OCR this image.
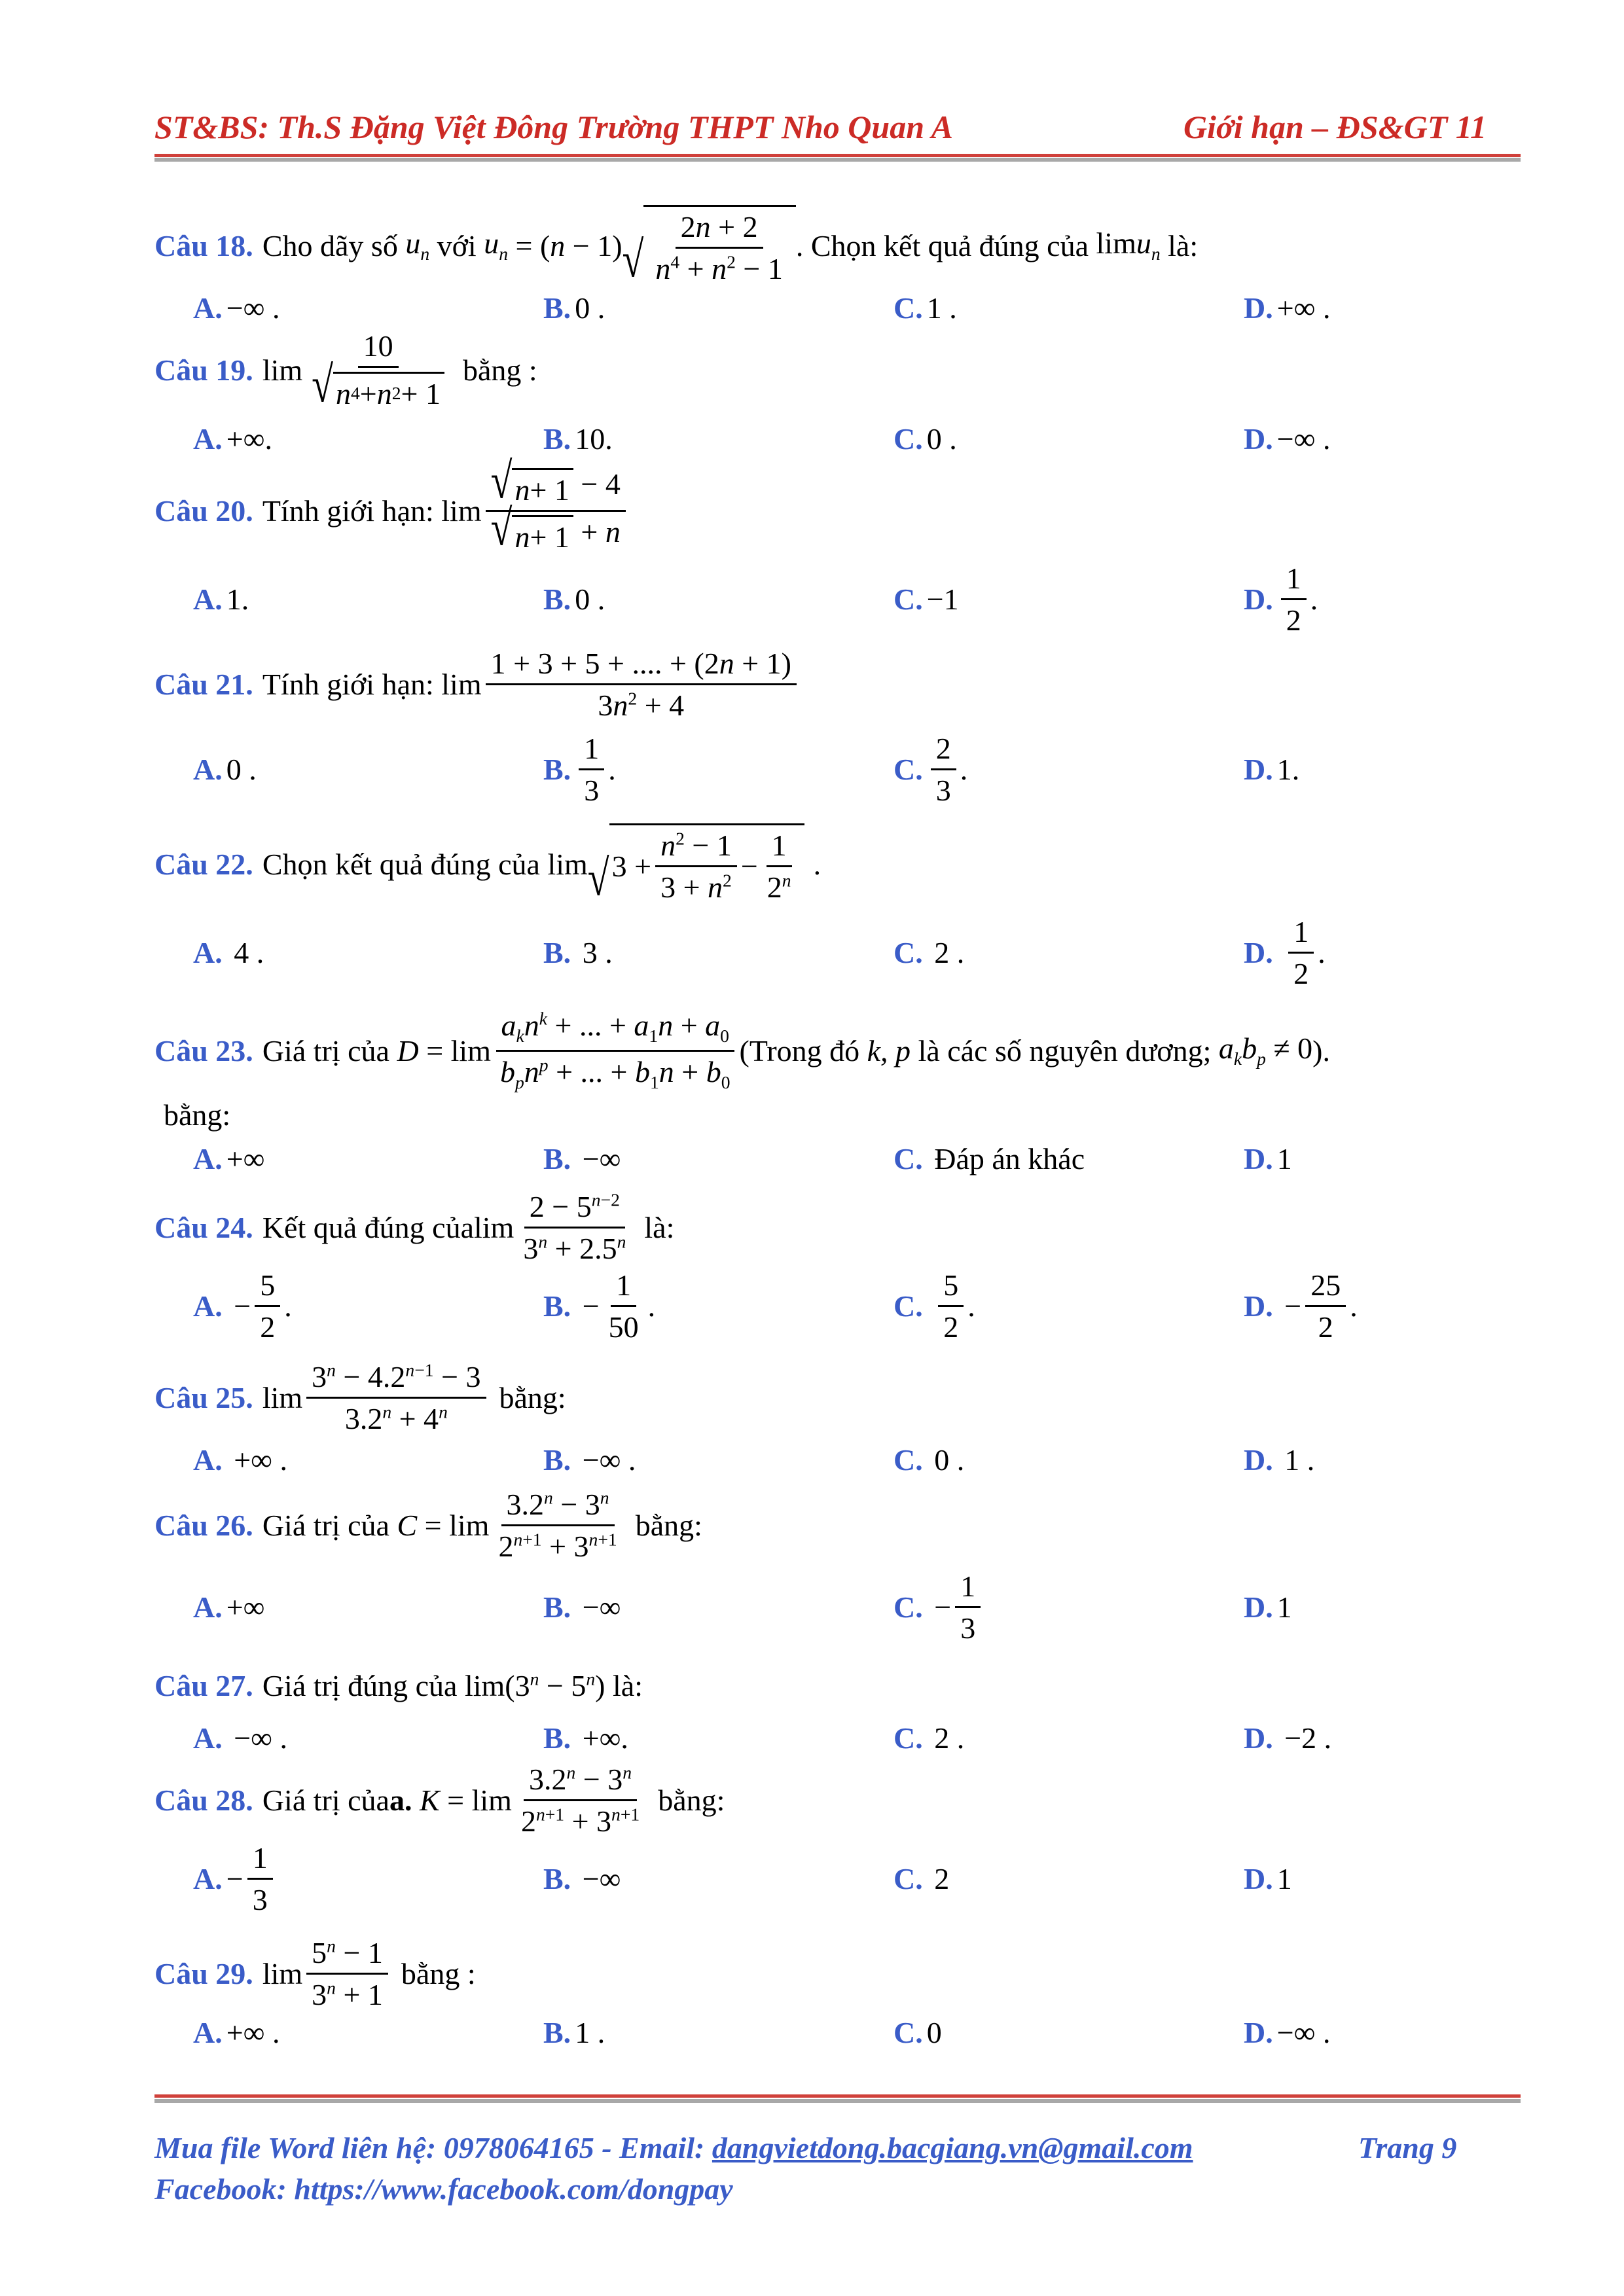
ST&BS: Th.S Đặng Việt Đông Trường THPT Nho Quan A	Giới hạn – ĐS&GT 11
Câu 18. Cho dãy số $u_n$ với $u_n$ = ( n − 1) √ $\frac{2n + 2}{n^4 + n^2 - 1}$ . Chọn kết quả đúng của limu$_n$ là:
A. −∞ .	B. 0 .	C. 1 .	D. +∞ .
Câu 19. $\lim \frac{10}{√ n 4 + n 2 + 1}$ bằng :
A. +∞.	B. 10.	C. 0 .	D. −∞ .
Câu 20. Tính giới hạn: $\lim \frac{√ n + 1 - 4}{√ n + 1 + n}$
A. 1.	B. 0 .	C. −1	D. $\frac{1}{2}$ .
Câu 21. Tính giới hạn: $\lim \frac{1 + 3 + 5 + .... + (2n + 1)}{3n^2 + 4}$
A. 0 .	B. $\frac{1}{3}$ .	C. $\frac{2}{3}$ .	D. 1.
Câu 22. Chọn kết quả đúng của lim √ $3 + \frac{n^2 - 1}{3 + n^2} - \frac{1}{2^n}$ .
A.
4 .	B.
3 .	C.
2 .	D.
$\frac{1}{2}$ .
Câu 23. Giá trị của $D = \lim \frac{a_kn^k + ... + a_1n + a_0}{b_pn^p + ... + b_1n + b_0}$ (Trong đó k, p là các số nguyên dương; $a_kb_p \ne 0$ ).
bằng:
A. +∞	B.
−∞	C.
Đáp án khác	D. 1
Câu 24. Kết quả đúng của $\lim \frac{2 - 5^{n-2}}{3^n + 2.5^n}$ là:
A. − $\frac{5}{2}$ .	B. − $\frac{1}{50}$ .	C.
$\frac{5}{2}$ .	D. − $\frac{25}{2}$ .
Câu 25. $\lim \frac{3^n - 4.2^{n-1} - 3}{3.2^n + 4^n}$ bằng:
A.
+∞ .	B.
−∞ .	C.
0 .	D.
1 .
Câu 26. Giá trị của $C = \lim \frac{3.2^n - 3^n}{2^{n+1} + 3^{n+1}}$ bằng:
A. +∞	B.
−∞	C. − $\frac{1}{3}$	D. 1
Câu 27. Giá trị đúng của $\lim(3^n - 5^n)$ là:
A.
−∞ .	B.
+∞.	C.
2 .	D.
−2 .
Câu 28. Giá trị của a. $K = \lim \frac{3.2^n - 3^n}{2^{n+1} + 3^{n+1}}$ bằng:
A. − $\frac{1}{3}$	B.
−∞	C.
2	D. 1
Câu 29. $\lim \frac{5^n - 1}{3^n + 1}$ bằng :
A. +∞ .	B. 1 .	C. 0	D. −∞ .
Mua file Word liên hệ: 0978064165 - Email: dangvietdong.bacgiang.vn@gmail.com	Trang 9
Facebook: https://www.facebook.com/dongpay
